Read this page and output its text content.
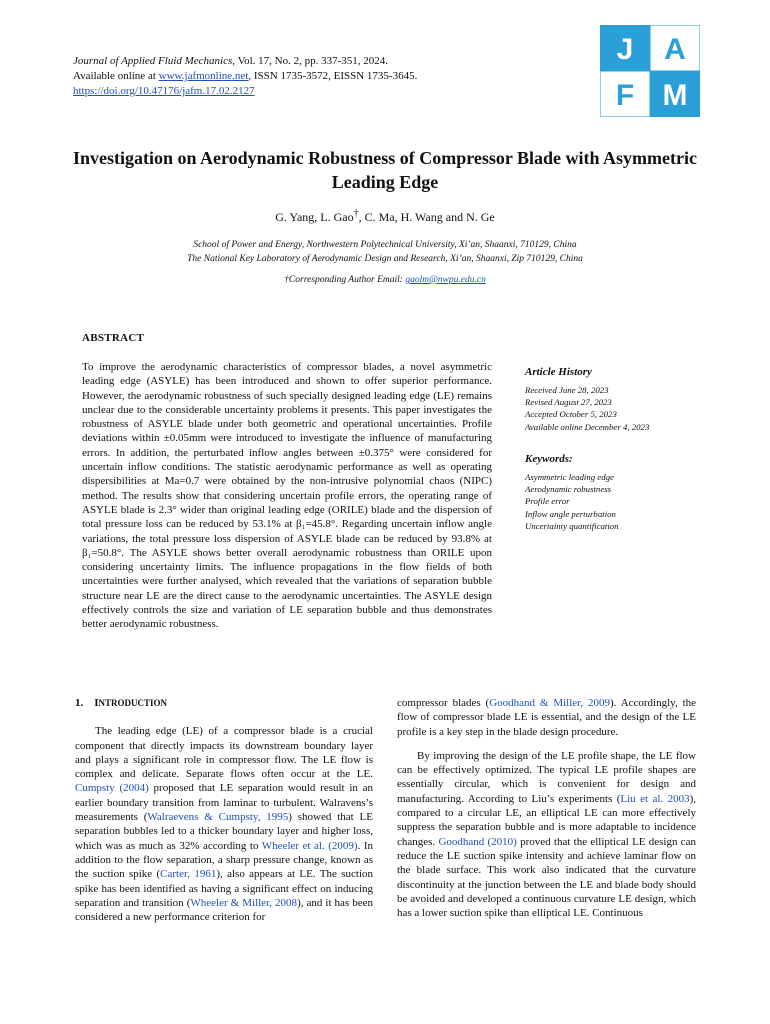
Journal of Applied Fluid Mechanics, Vol. 17, No. 2, pp. 337-351, 2024.
Available online at www.jafmonline.net, ISSN 1735-3572, EISSN 1735-3645.
https://doi.org/10.47176/jafm.17.02.2127
J A
F M
Investigation on Aerodynamic Robustness of Compressor Blade with Asymmetric Leading Edge
G. Yang, L. Gao†, C. Ma, H. Wang and N. Ge
School of Power and Energy, Northwestern Polytechnical University, Xi’an, Shaanxi, 710129, China
The National Key Laboratory of Aerodynamic Design and Research, Xi’an, Shaanxi, Zip 710129, China
†Corresponding Author Email: gaolm@nwpu.edu.cn
ABSTRACT
To improve the aerodynamic characteristics of compressor blades, a novel asymmetric leading edge (ASYLE) has been introduced and shown to offer superior performance. However, the aerodynamic robustness of such specially designed leading edge (LE) remains unclear due to the considerable uncertainty problems it presents. This paper investigates the robustness of ASYLE blade under both geometric and operational uncertainties. Profile deviations within ±0.05mm were introduced to investigate the influence of manufacturing errors. In addition, the perturbated inflow angles between ±0.375° were considered for uncertain inflow conditions. The statistic aerodynamic performance as well as operating dispersibilities at Ma=0.7 were obtained by the non-intrusive polynomial chaos (NIPC) method. The results show that considering uncertain profile errors, the operating range of ASYLE blade is 2.3° wider than original leading edge (ORILE) blade and the dispersion of total pressure loss can be reduced by 53.1% at β₁=45.8°. Regarding uncertain inflow angle variations, the total pressure loss dispersion of ASYLE blade can be reduced by 93.8% at β₁=50.8°. The ASYLE shows better overall aerodynamic robustness than ORILE upon considering uncertainty limits. The influence propagations in the flow fields of both uncertainties were further analysed, which revealed that the variations of separation bubble structure near LE are the direct cause to the aerodynamic uncertainties. The ASYLE design effectively controls the size and variation of LE separation bubble and thus demonstrates better aerodynamic robustness.
Article History
Received June 28, 2023
Revised August 27, 2023
Accepted October 5, 2023
Available online December 4, 2023
Keywords:
Asymmetric leading edge
Aerodynamic robustness
Profile error
Inflow angle perturbation
Uncertainty quantification
1. INTRODUCTION

The leading edge (LE) of a compressor blade is a crucial component that directly impacts its downstream boundary layer and plays a significant role in compressor flow. The LE flow is complex and delicate. Separate flows often occur at the LE. Cumpsty (2004) proposed that LE separation would result in an earlier boundary transition from laminar to turbulent. Walravens’s measurements (Walraevens & Cumpsty, 1995) showed that LE separation bubbles led to a thicker boundary layer and higher loss, which was as much as 32% according to Wheeler et al. (2009). In addition to the flow separation, a sharp pressure change, known as the suction spike (Carter, 1961), also appears at LE. The suction spike has been identified as having a significant effect on inducing separation and transition (Wheeler & Miller, 2008), and it has been considered a new performance criterion for

compressor blades (Goodhand & Miller, 2009). Accordingly, the flow of compressor blade LE is essential, and the design of the LE profile is a key step in the blade design procedure.

By improving the design of the LE profile shape, the LE flow can be effectively optimized. The typical LE profile shapes are essentially circular, which is convenient for design and manufacturing. According to Liu’s experiments (Liu et al. 2003), compared to a circular LE, an elliptical LE can more effectively suppress the separation bubble and is more adaptable to incidence changes. Goodhand (2010) proved that the elliptical LE design can reduce the LE suction spike intensity and achieve laminar flow on the blade surface. This work also indicated that the curvature discontinuity at the junction between the LE and blade body should be avoided and developed a continuous curvature LE design, which has a lower suction spike than elliptical LE. Continuous
